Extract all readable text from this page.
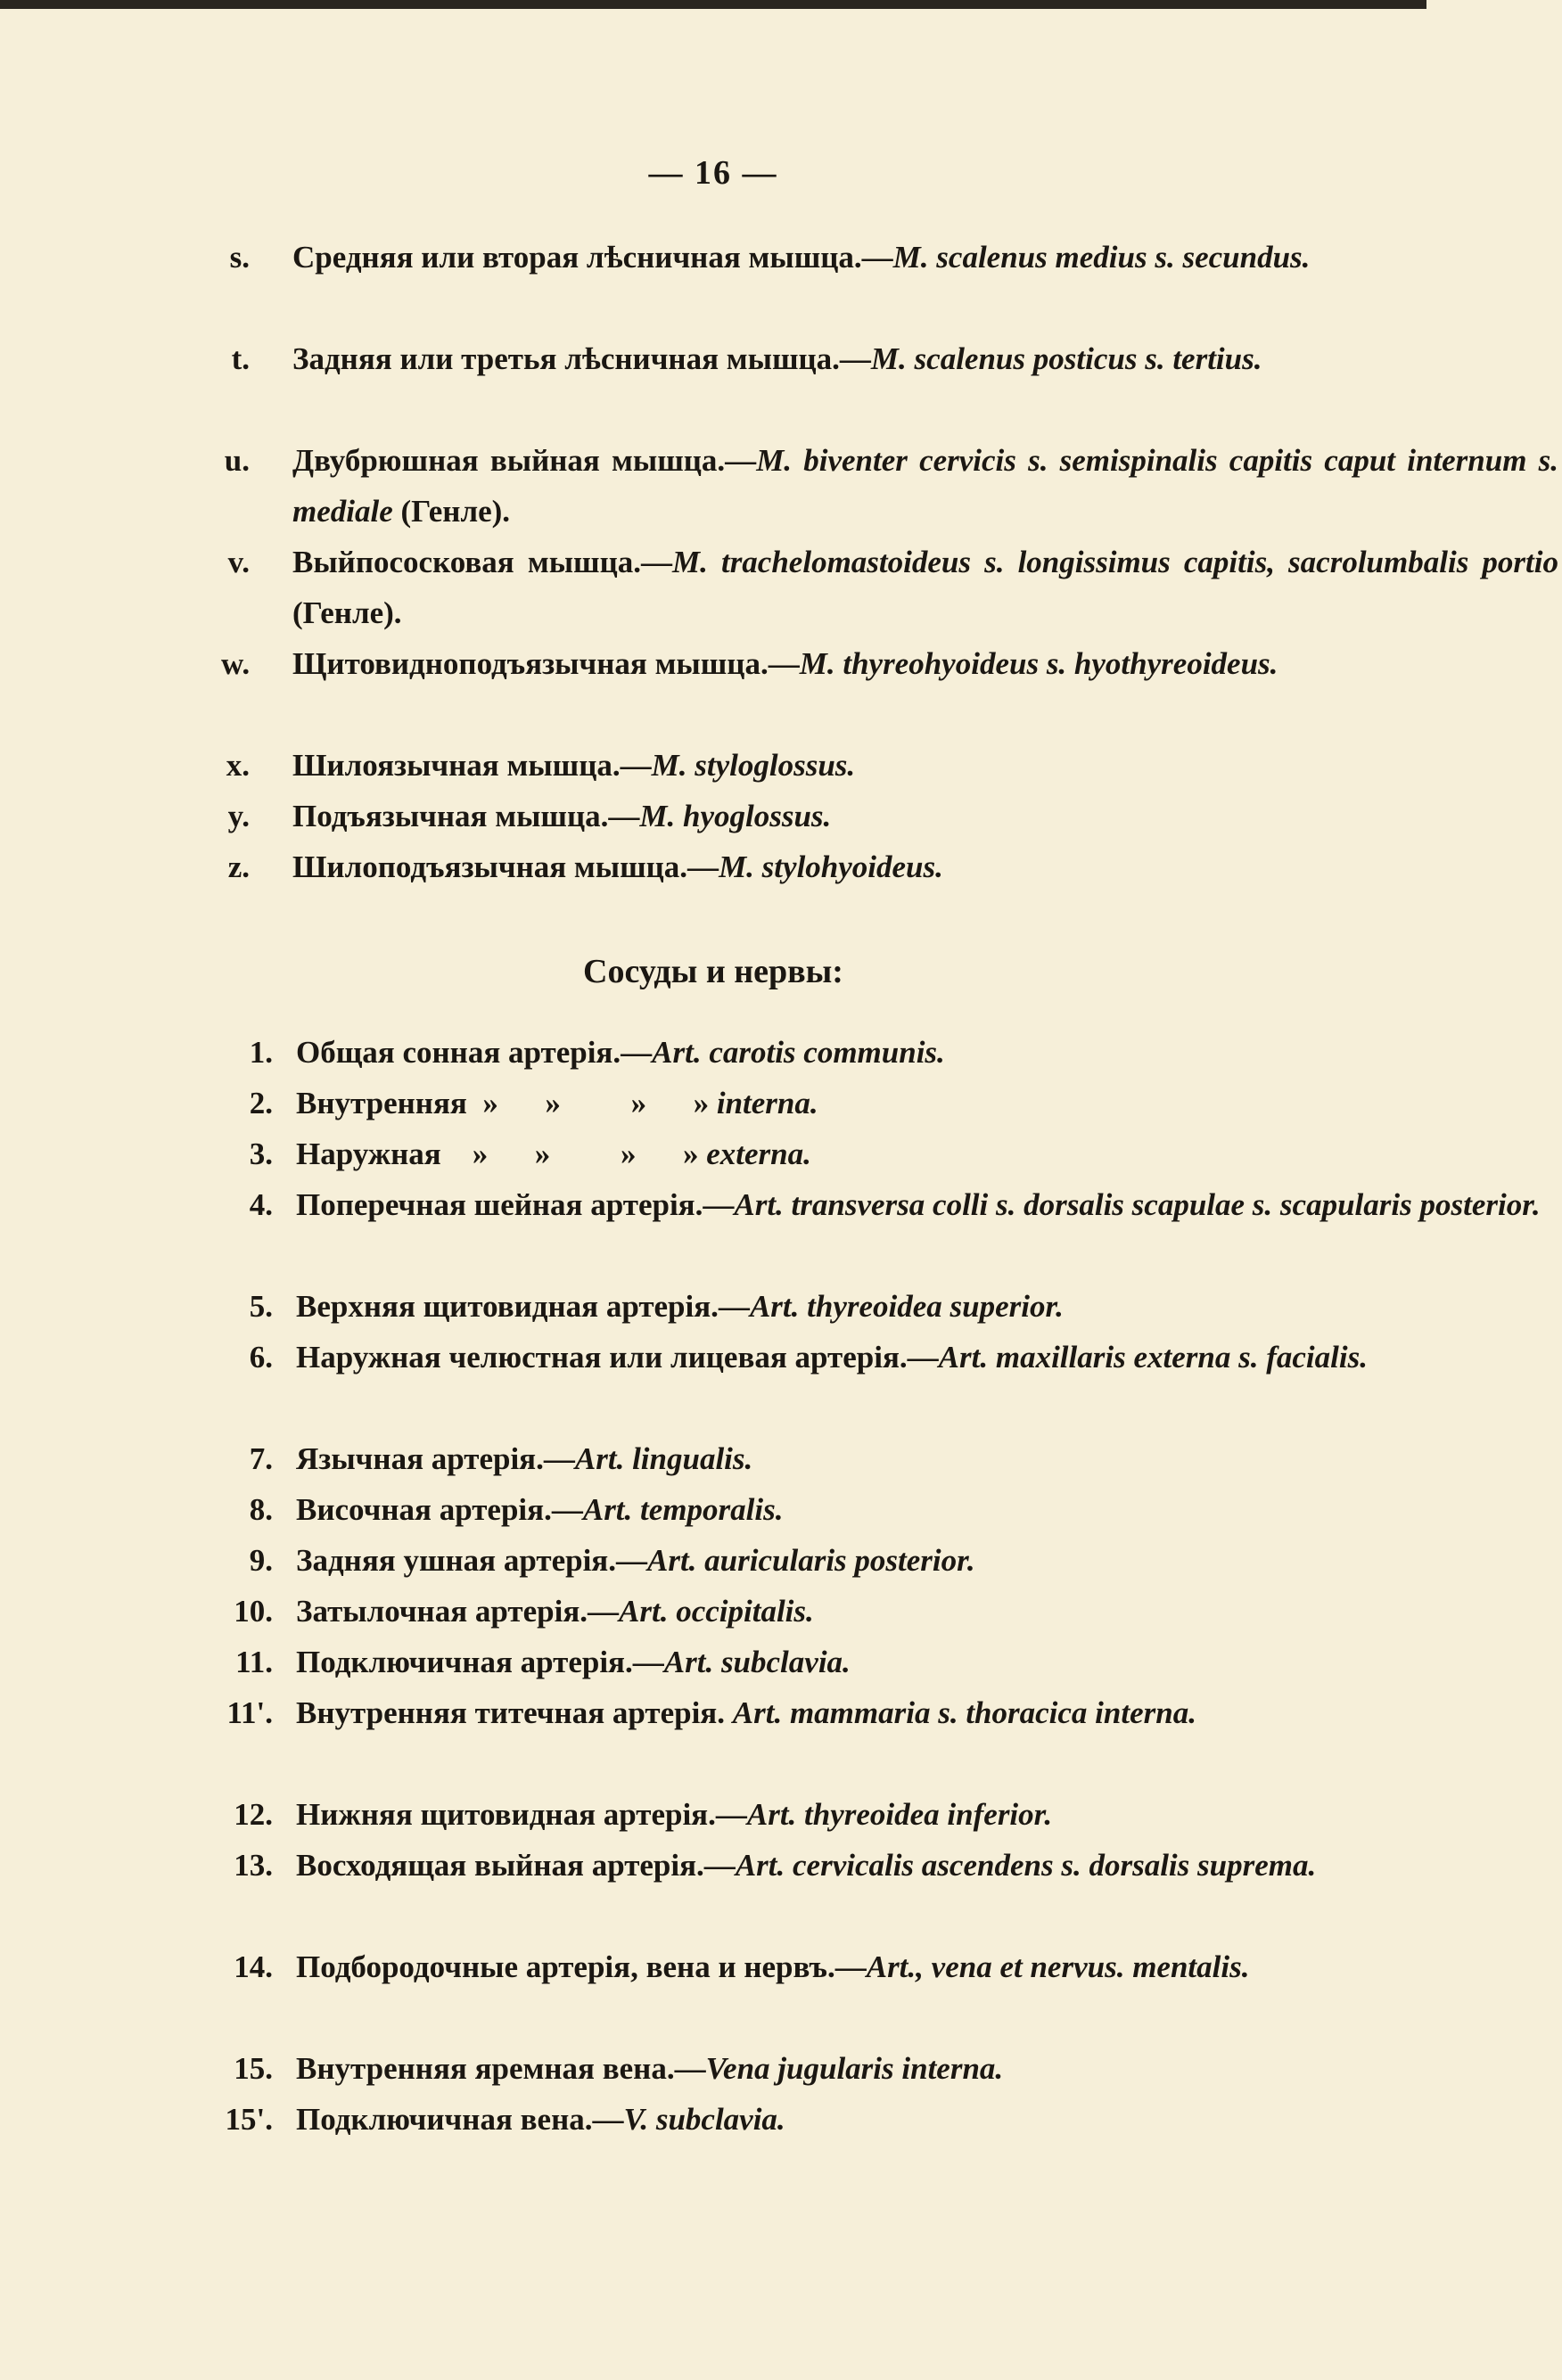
— 16 —
s. Средняя или вторая лѣсничная мышца.—M. scalenus medius s. secundus.
t. Задняя или третья лѣсничная мышца.—M. scalenus posticus s. tertius.
u. Двубрюшная выйная мышца.—M. biventer cervicis s. semispinalis capitis caput internum s. mediale (Генле).
v. Выйпососковая мышца.—M. trachelomastoideus s. longissimus capitis, sacrolumbalis portio (Генле).
w. Щитовидноподъязычная мышца.—M. thyreohyoideus s. hyothyreoideus.
x. Шилоязычная мышца.—M. styloglossus.
y. Подъязычная мышца.—M. hyoglossus.
z. Шилоподъязычная мышца.—M. stylohyoideus.
Сосуды и нервы:
1. Общая сонная артерія.—Art. carotis communis.
2. Внутренняя  »      »         »      » interna.
3. Наружная    »      »         »      » externa.
4. Поперечная шейная артерія.—Art. transversa colli s. dorsalis scapulae s. scapularis posterior.
5. Верхняя щитовидная артерія.—Art. thyreoidea superior.
6. Наружная челюстная или лицевая артерія.—Art. maxillaris externa s. facialis.
7. Язычная артерія.—Art. lingualis.
8. Височная артерія.—Art. temporalis.
9. Задняя ушная артерія.—Art. auricularis posterior.
10. Затылочная артерія.—Art. occipitalis.
11. Подключичная артерія.—Art. subclavia.
11'. Внутренняя титечная артерія. Art. mammaria s. thoracica interna.
12. Нижняя щитовидная артерія.—Art. thyreoidea inferior.
13. Восходящая выйная артерія.—Art. cervicalis ascendens s. dorsalis suprema.
14. Подбородочные артерія, вена и нервъ.—Art., vena et nervus. mentalis.
15. Внутренняя яремная вена.—Vena jugularis interna.
15'. Подключичная вена.—V. subclavia.
